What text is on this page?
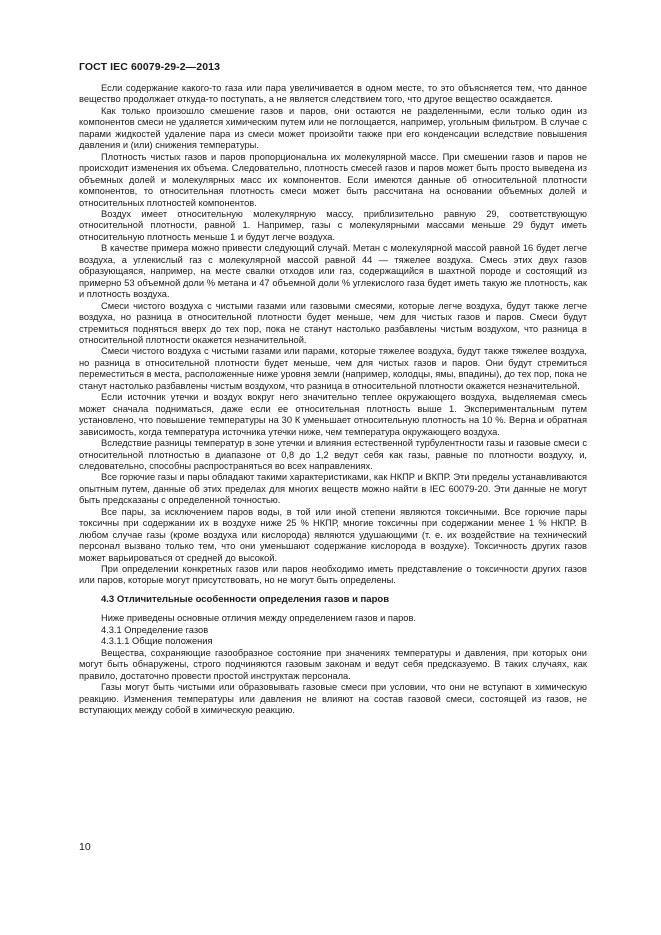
ГОСТ IEC 60079-29-2—2013

Если содержание какого-то газа или пара увеличивается в одном месте, то это объясняется тем, что данное вещество продолжает откуда-то поступать, а не является следствием того, что другое вещество осаждается.

Как только произошло смешение газов и паров, они остаются не разделенными, если только один из компонентов смеси не удаляется химическим путем или не поглощается, например, угольным фильтром. В случае с парами жидкостей удаление пара из смеси может произойти также при его конденсации вследствие повышения давления и (или) снижения температуры.

Плотность чистых газов и паров пропорциональна их молекулярной массе. При смешении газов и паров не происходит изменения их объема. Следовательно, плотность смесей газов и паров может быть просто выведена из объемных долей и молекулярных масс их компонентов. Если имеются данные об относительной плотности компонентов, то относительная плотность смеси может быть рассчитана на основании объемных долей и относительных плотностей компонентов.

Воздух имеет относительную молекулярную массу, приблизительно равную 29, соответствующую относительной плотности, равной 1. Например, газы с молекулярными массами меньше 29 будут иметь относительную плотность меньше 1 и будут легче воздуха.

В качестве примера можно привести следующий случай. Метан с молекулярной массой равной 16 будет легче воздуха, а углекислый газ с молекулярной массой равной 44 — тяжелее воздуха. Смесь этих двух газов образующаяся, например, на месте свалки отходов или газ, содержащийся в шахтной породе и состоящий из примерно 53 объемной доли % метана и 47 объемной доли % углекислого газа будет иметь такую же плотность, как и плотность воздуха.

Смеси чистого воздуха с чистыми газами или газовыми смесями, которые легче воздуха, будут также легче воздуха, но разница в относительной плотности будет меньше, чем для чистых газов и паров. Смеси будут стремиться подняться вверх до тех пор, пока не станут настолько разбавлены чистым воздухом, что разница в относительной плотности окажется незначительной.

Смеси чистого воздуха с чистыми газами или парами, которые тяжелее воздуха, будут также тяжелее воздуха, но разница в относительной плотности будет меньше, чем для чистых газов и паров. Они будут стремиться переместиться в места, расположенные ниже уровня земли (например, колодцы, ямы, впадины), до тех пор, пока не станут настолько разбавлены чистым воздухом, что разница в относительной плотности окажется незначительной.

Если источник утечки и воздух вокруг него значительно теплее окружающего воздуха, выделяемая смесь может сначала подниматься, даже если ее относительная плотность выше 1. Экспериментальным путем установлено, что повышение температуры на 30 К уменьшает относительную плотность на 10 %. Верна и обратная зависимость, когда температура источника утечки ниже, чем температура окружающего воздуха.

Вследствие разницы температур в зоне утечки и влияния естественной турбулентности газы и газовые смеси с относительной плотностью в диапазоне от 0,8 до 1,2 ведут себя как газы, равные по плотности воздуху, и, следовательно, способны распространяться во всех направлениях.

Все горючие газы и пары обладают такими характеристиками, как НКПР и ВКПР. Эти пределы устанавливаются опытным путем, данные об этих пределах для многих веществ можно найти в IEC 60079-20. Эти данные не могут быть предсказаны с определенной точностью.

Все пары, за исключением паров воды, в той или иной степени являются токсичными. Все горючие пары токсичны при содержании их в воздухе ниже 25 % НКПР, многие токсичны при содержании менее 1 % НКПР. В любом случае газы (кроме воздуха или кислорода) являются удушающими (т. е. их воздействие на технический персонал вызвано только тем, что они уменьшают содержание кислорода в воздухе). Токсичность других газов может варьироваться от средней до высокой.

При определении конкретных газов или паров необходимо иметь представление о токсичности других газов или паров, которые могут присутствовать, но не могут быть определены.

4.3 Отличительные особенности определения газов и паров

Ниже приведены основные отличия между определением газов и паров.

4.3.1 Определение газов

4.3.1.1 Общие положения

Вещества, сохраняющие газообразное состояние при значениях температуры и давления, при которых они могут быть обнаружены, строго подчиняются газовым законам и ведут себя предсказуемо. В таких случаях, как правило, достаточно провести простой инструктаж персонала.

Газы могут быть чистыми или образовывать газовые смеси при условии, что они не вступают в химическую реакцию. Изменения температуры или давления не влияют на состав газовой смеси, состоящей из газов, не вступающих между собой в химическую реакцию.

10
